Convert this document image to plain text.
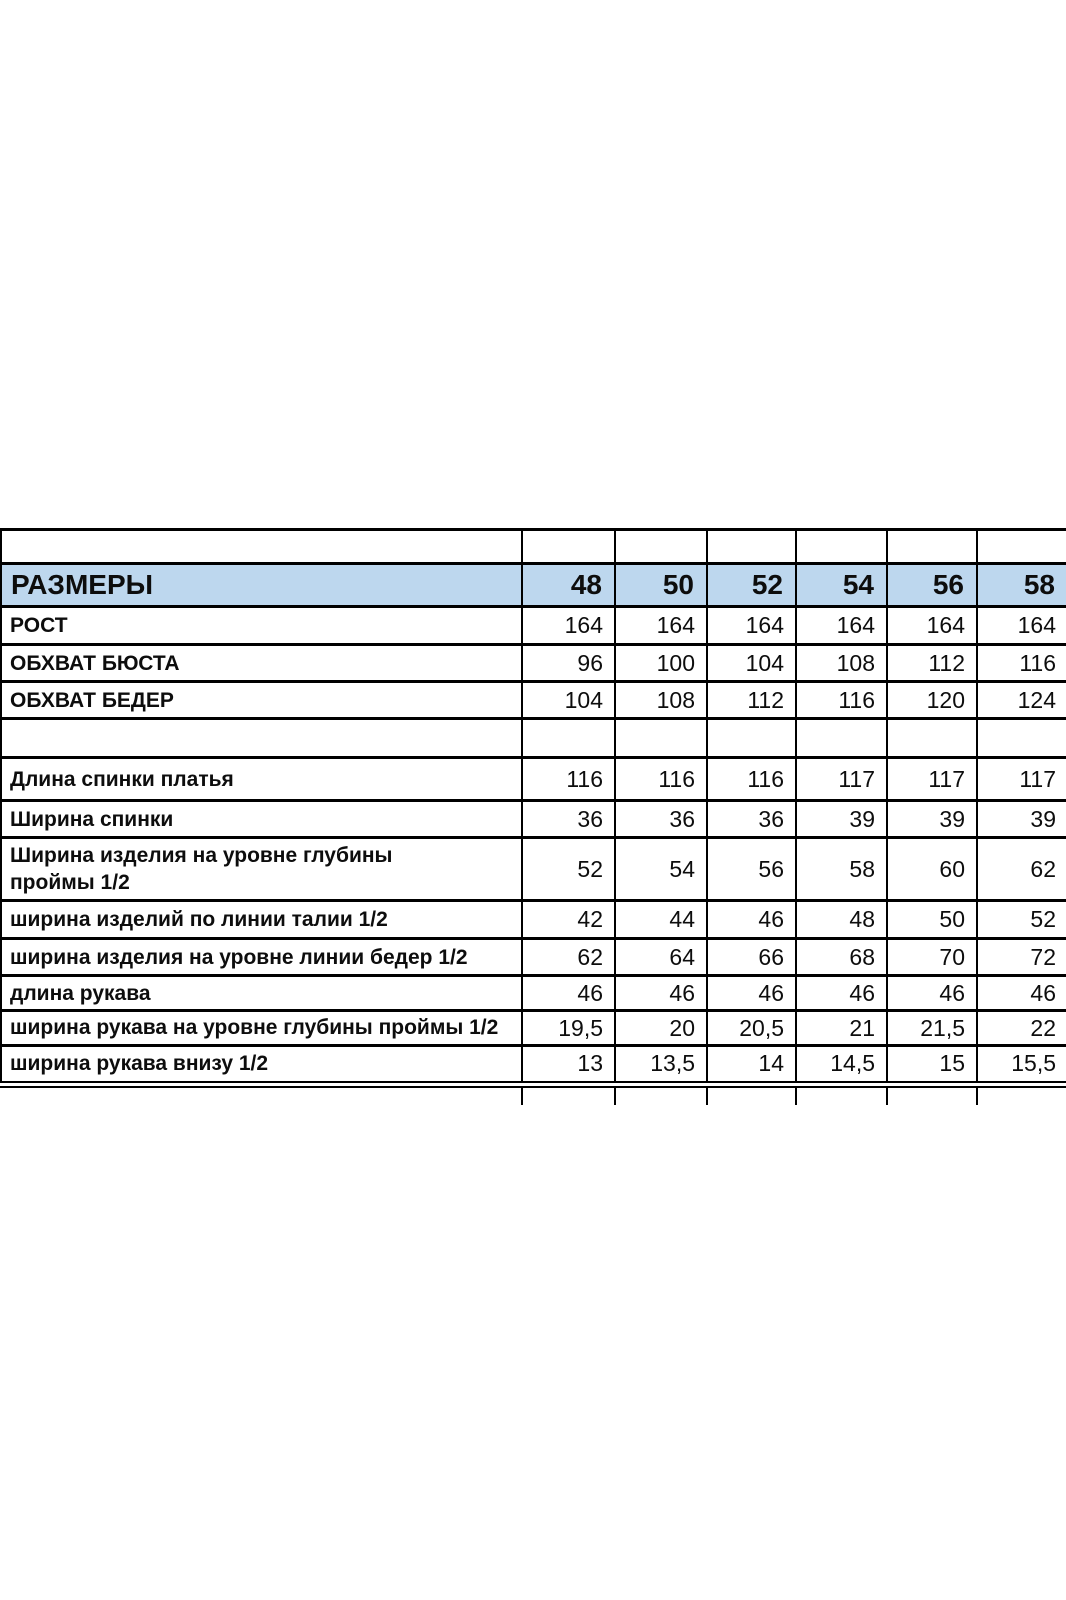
РАЗМЕРЫ	48	50	52	54	56	58
РОСТ	164	164	164	164	164	164
ОБХВАТ БЮСТА	96	100	104	108	112	116
ОБХВАТ БЕДЕР	104	108	112	116	120	124

Длина спинки платья	116	116	116	117	117	117
Ширина спинки	36	36	36	39	39	39
Ширина изделия на уровне глубины проймы 1/2	52	54	56	58	60	62
ширина изделий по линии талии 1/2	42	44	46	48	50	52
ширина изделия на уровне линии бедер 1/2	62	64	66	68	70	72
длина рукава	46	46	46	46	46	46
ширина рукава на уровне глубины проймы 1/2	19,5	20	20,5	21	21,5	22
ширина рукава внизу 1/2	13	13,5	14	14,5	15	15,5
